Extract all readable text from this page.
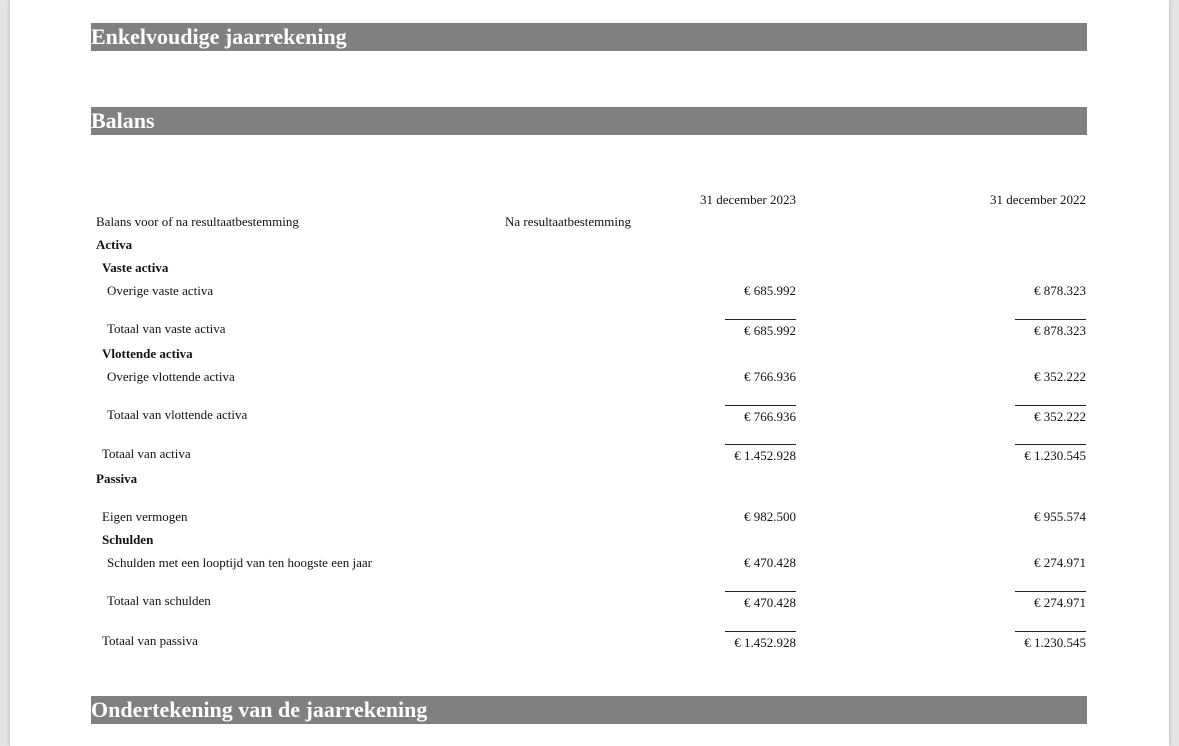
Enkelvoudige jaarrekening
Balans
31 december 2023	31 december 2022
Balans voor of na resultaatbestemming	Na resultaatbestemming
Activa
Vaste activa
Overige vaste activa	€ 685.992	€ 878.323
Totaal van vaste activa	€ 685.992	€ 878.323
Vlottende activa
Overige vlottende activa	€ 766.936	€ 352.222
Totaal van vlottende activa	€ 766.936	€ 352.222
Totaal van activa	€ 1.452.928	€ 1.230.545
Passiva
Eigen vermogen	€ 982.500	€ 955.574
Schulden
Schulden met een looptijd van ten hoogste een jaar	€ 470.428	€ 274.971
Totaal van schulden	€ 470.428	€ 274.971
Totaal van passiva	€ 1.452.928	€ 1.230.545
Ondertekening van de jaarrekening
